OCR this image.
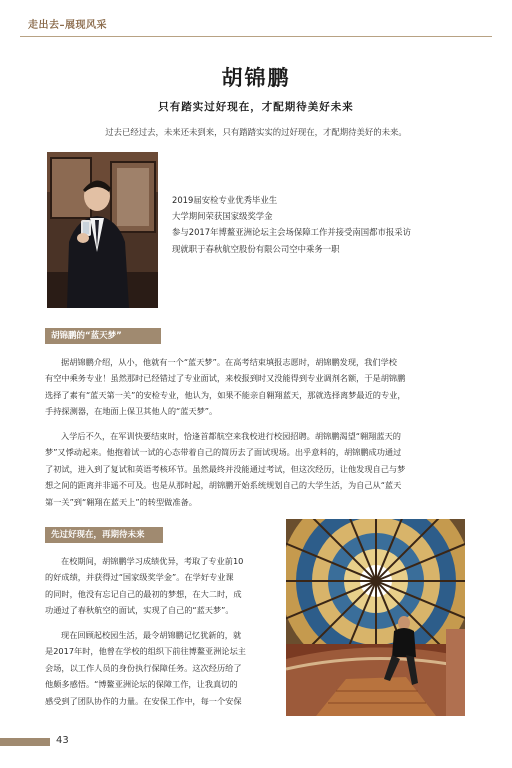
走出去–展现风采
胡锦鹏
只有踏实过好现在，才配期待美好未来
过去已经过去，未来还未到来，只有踏踏实实的过好现在，才配期待美好的未来。
2019届安检专业优秀毕业生
大学期间荣获国家级奖学金
参与2017年博鳌亚洲论坛主会场保障工作并接受南国都市报采访
现就职于春秋航空股份有限公司空中乘务一职
胡锦鹏的“蓝天梦”
据胡锦鹏介绍，从小，他就有一个“蓝天梦”。在高考结束填报志愿时，胡锦鹏发现，我们学校
有空中乘务专业！虽然那时已经错过了专业面试，来校报到时又没能得到专业调剂名额，于是胡锦鹏
选择了素有“蓝天第一关”的安检专业，他认为，如果不能亲自翱翔蓝天，那就选择离梦最近的专业，
手持探测器，在地面上保卫其他人的“蓝天梦”。
入学后不久，在军训快要结束时，恰逢首都航空来我校进行校园招聘。胡锦鹏渴望“翱翔蓝天的
梦”又悸动起来。他抱着试一试的心态带着自己的简历去了面试现场。出乎意料的，胡锦鹏成功通过
了初试，进入到了复试和英语考核环节。虽然最终并没能通过考试，但这次经历，让他发现自己与梦
想之间的距离并非遥不可及。也是从那时起，胡锦鹏开始系统规划自己的大学生活，为自己从“蓝天
第一关”到“翱翔在蓝天上”的转型做准备。
先过好现在，再期待未来
在校期间，胡锦鹏学习成绩优异，考取了专业前10
的好成绩，并获得过“国家级奖学金”。在学好专业课
的同时，他没有忘记自己的最初的梦想，在大二时，成
功通过了春秋航空的面试，实现了自己的“蓝天梦”。
现在回顾起校园生活，最令胡锦鹏记忆犹新的，就
是2017年时，他曾在学校的组织下前往博鳌亚洲论坛主
会场，以工作人员的身份执行保障任务。这次经历给了
他颇多感悟。“博鳌亚洲论坛的保障工作，让我真切的
感受到了团队协作的力量。在安保工作中，每一个安保
43
